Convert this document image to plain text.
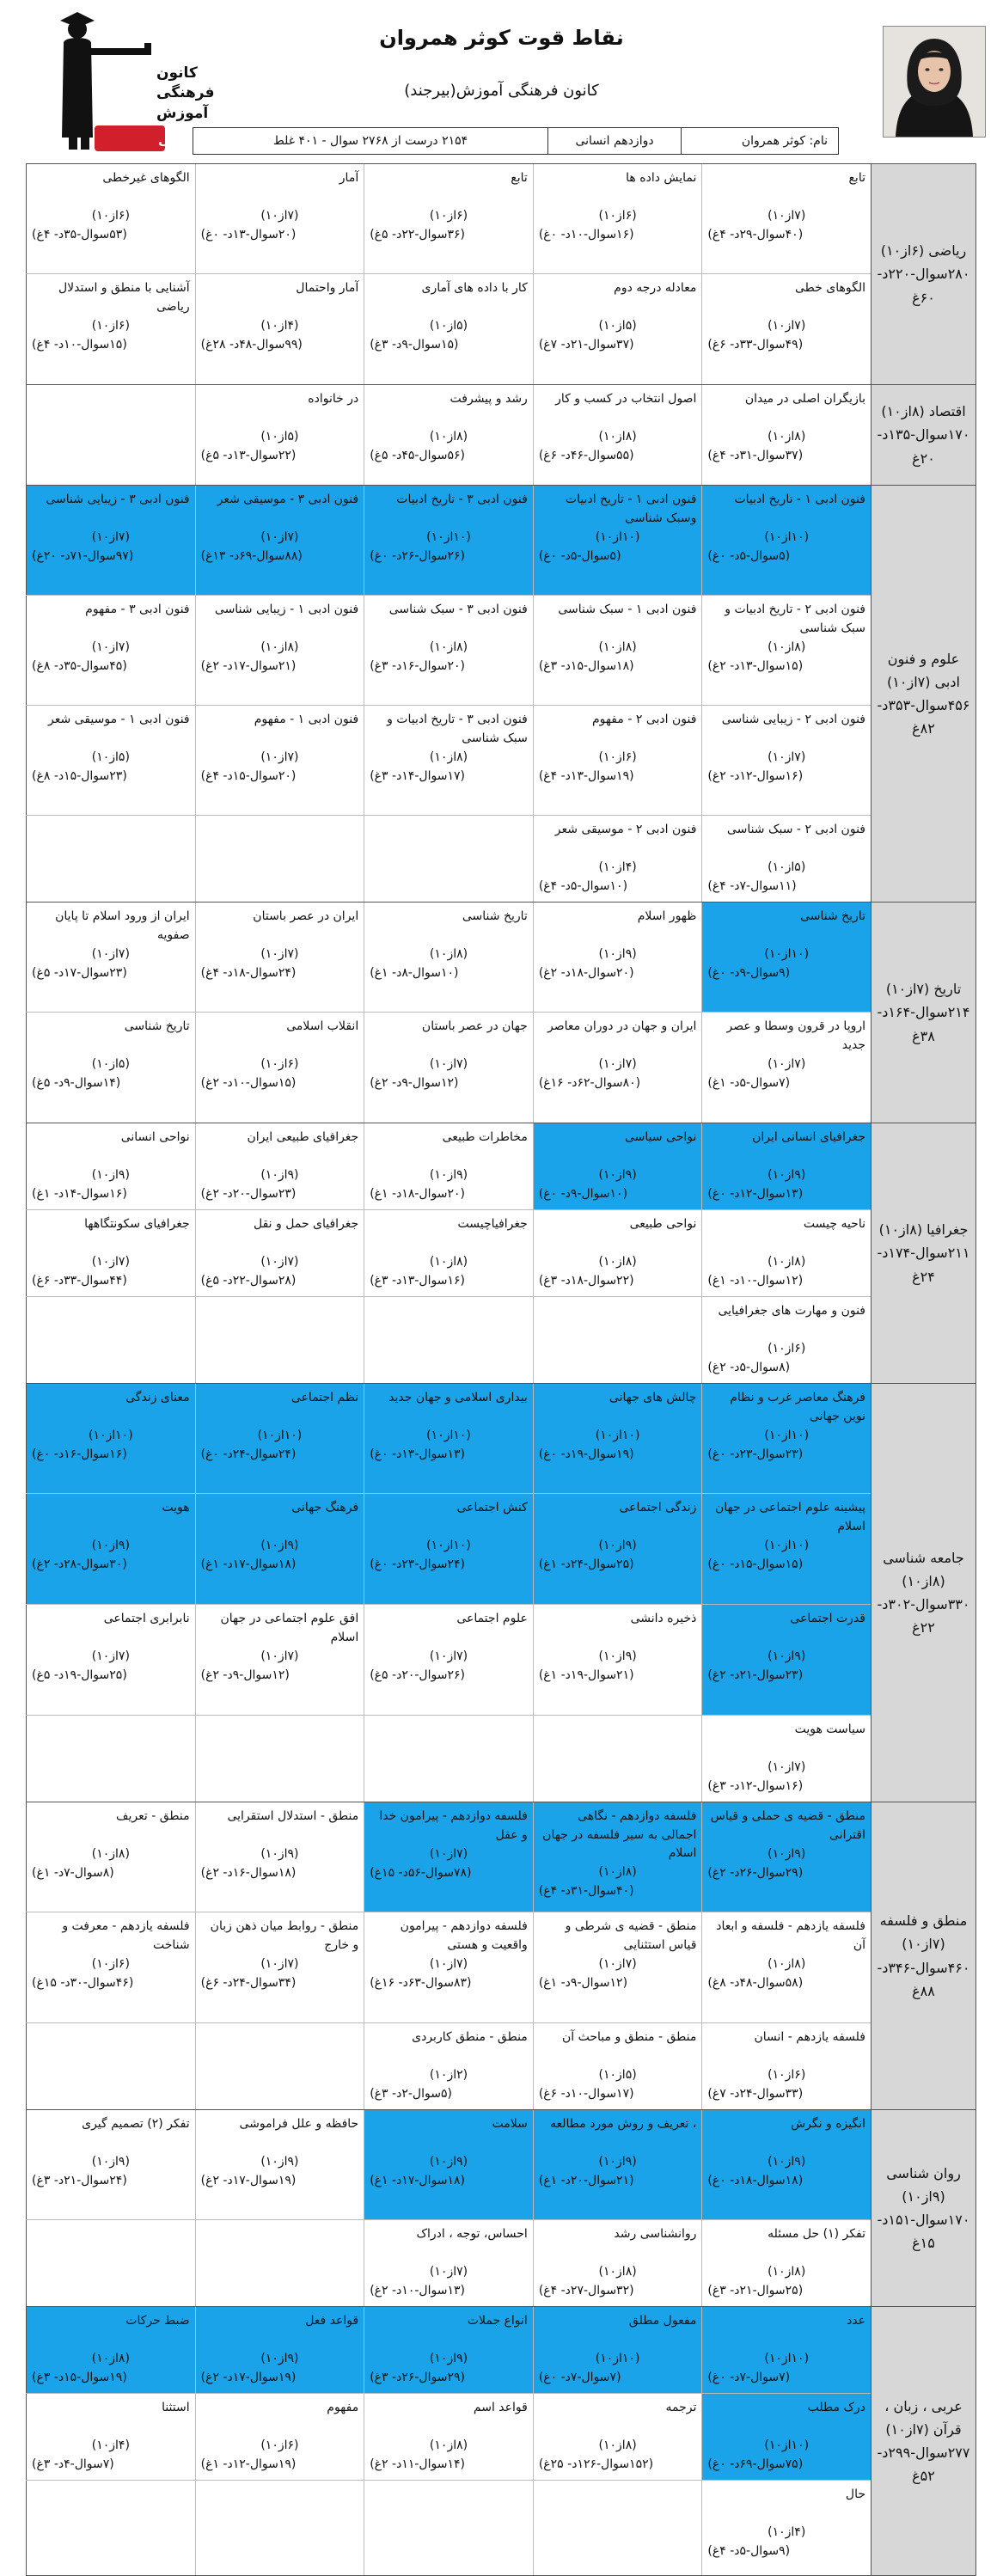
کانون
فرهنگی
آموزش
قلم‌چی
نقاط قوت کوثر همروان
کانون فرهنگی آموزش(بیرجند)
نام: کوثر همروان
دوازدهم انسانی
۲۱۵۴ درست از ۲۷۶۸ سوال - ۴۰۱ غلط
ریاضی (۶از۱۰) ۲۸۰سوال-۲۲۰د- ۶۰غ
تابع
(۷از۱۰)
(۴۰سوال-۲۹د- ۴غ)
نمایش داده ها
(۶از۱۰)
(۱۶سوال-۱۰د- ۰غ)
تابع
(۶از۱۰)
(۳۶سوال-۲۲د- ۵غ)
آمار
(۷از۱۰)
(۲۰سوال-۱۳د- ۰غ)
الگوهای غیرخطی
(۶از۱۰)
(۵۳سوال-۳۵د- ۴غ)
الگوهای خطی
(۷از۱۰)
(۴۹سوال-۳۳د- ۶غ)
معادله درجه دوم
(۵از۱۰)
(۳۷سوال-۲۱د- ۷غ)
کار با داده های آماری
(۵از۱۰)
(۱۵سوال-۹د- ۳غ)
آمار واحتمال
(۴از۱۰)
(۹۹سوال-۴۸د- ۲۸غ)
آشنایی با منطق و استدلال ریاضی
(۶از۱۰)
(۱۵سوال-۱۰د- ۴غ)
اقتصاد (۸از۱۰) ۱۷۰سوال-۱۳۵د- ۲۰غ
بازیگران اصلی در میدان
(۸از۱۰)
(۳۷سوال-۳۱د- ۴غ)
اصول انتخاب در کسب و کار
(۸از۱۰)
(۵۵سوال-۴۶د- ۶غ)
رشد و پیشرفت
(۸از۱۰)
(۵۶سوال-۴۵د- ۵غ)
در خانواده
(۵از۱۰)
(۲۲سوال-۱۳د- ۵غ)
علوم و فنون ادبی (۷از۱۰) ۴۵۶سوال-۳۵۳د- ۸۲غ
فنون ادبی ۱ - تاریخ ادبیات
(۱۰از۱۰)
(۵سوال-۵د- ۰غ)
فنون ادبی ۱ - تاریخ ادبیات وسبک شناسی
(۱۰از۱۰)
(۵سوال-۵د- ۰غ)
فنون ادبی ۳ - تاریخ ادبیات
(۱۰از۱۰)
(۲۶سوال-۲۶د- ۰غ)
فنون ادبی ۳ - موسیقی شعر
(۷از۱۰)
(۸۸سوال-۶۹د- ۱۳غ)
فنون ادبی ۳ - زیبایی شناسی
(۷از۱۰)
(۹۷سوال-۷۱د- ۲۰غ)
فنون ادبی ۲ - تاریخ ادبیات و سبک شناسی
(۸از۱۰)
(۱۵سوال-۱۳د- ۲غ)
فنون ادبی ۱ - سبک شناسی
(۸از۱۰)
(۱۸سوال-۱۵د- ۳غ)
فنون ادبی ۳ - سبک شناسی
(۸از۱۰)
(۲۰سوال-۱۶د- ۳غ)
فنون ادبی ۱ - زیبایی شناسی
(۸از۱۰)
(۲۱سوال-۱۷د- ۲غ)
فنون ادبی ۳ - مفهوم
(۷از۱۰)
(۴۵سوال-۳۵د- ۸غ)
فنون ادبی ۲ - زیبایی شناسی
(۷از۱۰)
(۱۶سوال-۱۲د- ۲غ)
فنون ادبی ۲ - مفهوم
(۶از۱۰)
(۱۹سوال-۱۳د- ۴غ)
فنون ادبی ۳ - تاریخ ادبیات و سبک شناسی
(۸از۱۰)
(۱۷سوال-۱۴د- ۳غ)
فنون ادبی ۱ - مفهوم
(۷از۱۰)
(۲۰سوال-۱۵د- ۴غ)
فنون ادبی ۱ - موسیقی شعر
(۵از۱۰)
(۲۳سوال-۱۵د- ۸غ)
فنون ادبی ۲ - سبک شناسی
(۵از۱۰)
(۱۱سوال-۷د- ۴غ)
فنون ادبی ۲ - موسیقی شعر
(۴از۱۰)
(۱۰سوال-۵د- ۴غ)
تاریخ (۷از۱۰) ۲۱۴سوال-۱۶۴د- ۳۸غ
تاریخ شناسی
(۱۰از۱۰)
(۹سوال-۹د- ۰غ)
ظهور اسلام
(۹از۱۰)
(۲۰سوال-۱۸د- ۲غ)
تاریخ شناسی
(۸از۱۰)
(۱۰سوال-۸د- ۱غ)
ایران در عصر باستان
(۷از۱۰)
(۲۴سوال-۱۸د- ۴غ)
ایران از ورود اسلام تا پایان صفویه
(۷از۱۰)
(۲۳سوال-۱۷د- ۵غ)
اروپا در قرون وسطا و عصر جدید
(۷از۱۰)
(۷سوال-۵د- ۱غ)
ایران و جهان در دوران معاصر
(۷از۱۰)
(۸۰سوال-۶۲د- ۱۶غ)
جهان در عصر باستان
(۷از۱۰)
(۱۲سوال-۹د- ۲غ)
انقلاب اسلامی
(۶از۱۰)
(۱۵سوال-۱۰د- ۲غ)
تاریخ شناسی
(۵از۱۰)
(۱۴سوال-۹د- ۵غ)
جغرافیا (۸از۱۰) ۲۱۱سوال-۱۷۴د- ۲۴غ
جغرافیای انسانی ایران
(۹از۱۰)
(۱۳سوال-۱۲د- ۰غ)
نواحی سیاسی
(۹از۱۰)
(۱۰سوال-۹د- ۰غ)
مخاطرات طبیعی
(۹از۱۰)
(۲۰سوال-۱۸د- ۱غ)
جغرافیای طبیعی ایران
(۹از۱۰)
(۲۳سوال-۲۰د- ۲غ)
نواحی انسانی
(۹از۱۰)
(۱۶سوال-۱۴د- ۱غ)
ناحیه چیست
(۸از۱۰)
(۱۲سوال-۱۰د- ۱غ)
نواحی طبیعی
(۸از۱۰)
(۲۲سوال-۱۸د- ۳غ)
جغرافیاچیست
(۸از۱۰)
(۱۶سوال-۱۳د- ۳غ)
جغرافیای حمل و نقل
(۷از۱۰)
(۲۸سوال-۲۲د- ۵غ)
جغرافیای سکونتگاهها
(۷از۱۰)
(۴۴سوال-۳۳د- ۶غ)
فنون و مهارت های جغرافیایی
(۶از۱۰)
(۸سوال-۵د- ۲غ)
جامعه شناسی (۸از۱۰) ۳۳۰سوال-۳۰۲د- ۲۲غ
فرهنگ معاصر غرب و نظام نوین جهانی
(۱۰از۱۰)
(۲۳سوال-۲۳د- ۰غ)
چالش های جهانی
(۱۰از۱۰)
(۱۹سوال-۱۹د- ۰غ)
بیداری اسلامی و جهان جدید
(۱۰از۱۰)
(۱۳سوال-۱۳د- ۰غ)
نظم اجتماعی
(۱۰از۱۰)
(۲۴سوال-۲۴د- ۰غ)
معنای زندگی
(۱۰از۱۰)
(۱۶سوال-۱۶د- ۰غ)
پیشینه علوم اجتماعی در جهان اسلام
(۱۰از۱۰)
(۱۵سوال-۱۵د- ۰غ)
زندگی اجتماعی
(۹از۱۰)
(۲۵سوال-۲۴د- ۱غ)
کنش اجتماعی
(۱۰از۱۰)
(۲۴سوال-۲۳د- ۰غ)
فرهنگ جهانی
(۹از۱۰)
(۱۸سوال-۱۷د- ۱غ)
هویت
(۹از۱۰)
(۳۰سوال-۲۸د- ۲غ)
قدرت اجتماعی
(۹از۱۰)
(۲۳سوال-۲۱د- ۲غ)
ذخیره دانشی
(۹از۱۰)
(۲۱سوال-۱۹د- ۱غ)
علوم اجتماعی
(۷از۱۰)
(۲۶سوال-۲۰د- ۵غ)
افق علوم اجتماعی در جهان اسلام
(۷از۱۰)
(۱۲سوال-۹د- ۲غ)
نابرابری اجتماعی
(۷از۱۰)
(۲۵سوال-۱۹د- ۵غ)
سیاست هویت
(۷از۱۰)
(۱۶سوال-۱۲د- ۳غ)
منطق و فلسفه (۷از۱۰) ۴۶۰سوال-۳۴۶د- ۸۸غ
منطق - قضیه ی حملی و قیاس اقترانی
(۹از۱۰)
(۲۹سوال-۲۶د- ۲غ)
فلسفه دوازدهم - نگاهی اجمالی به سیر فلسفه در جهان اسلام
(۸از۱۰)
(۴۰سوال-۳۱د- ۴غ)
فلسفه دوازدهم - پیرامون خدا و عقل
(۷از۱۰)
(۷۸سوال-۵۶د- ۱۵غ)
منطق - استدلال استقرایی
(۹از۱۰)
(۱۸سوال-۱۶د- ۲غ)
منطق - تعریف
(۸از۱۰)
(۸سوال-۷د- ۱غ)
فلسفه یازدهم - فلسفه و ابعاد آن
(۸از۱۰)
(۵۸سوال-۴۸د- ۸غ)
منطق - قضیه ی شرطی و قیاس استثنایی
(۷از۱۰)
(۱۲سوال-۹د- ۱غ)
فلسفه دوازدهم - پیرامون واقعیت و هستی
(۷از۱۰)
(۸۳سوال-۶۳د- ۱۶غ)
منطق - روابط میان ذهن زبان و خارج
(۷از۱۰)
(۳۴سوال-۲۴د- ۶غ)
فلسفه یازدهم - معرفت و شناخت
(۶از۱۰)
(۴۶سوال-۳۰د- ۱۵غ)
فلسفه یازدهم - انسان
(۶از۱۰)
(۳۳سوال-۲۴د- ۷غ)
منطق - منطق و مباحث آن
(۵از۱۰)
(۱۷سوال-۱۰د- ۶غ)
منطق - منطق کاربردی
(۲از۱۰)
(۵سوال-۲د- ۳غ)
روان شناسی (۹از۱۰) ۱۷۰سوال-۱۵۱د- ۱۵غ
انگیزه و نگرش
(۹از۱۰)
(۱۸سوال-۱۸د- ۰غ)
، تعریف و روش مورد مطالعه
(۹از۱۰)
(۲۱سوال-۲۰د- ۱غ)
سلامت
(۹از۱۰)
(۱۸سوال-۱۷د- ۱غ)
حافظه و علل فراموشی
(۹از۱۰)
(۱۹سوال-۱۷د- ۲غ)
تفکر (۲) تصمیم گیری
(۹از۱۰)
(۲۴سوال-۲۱د- ۳غ)
تفکر (۱) حل مسئله
(۸از۱۰)
(۲۵سوال-۲۱د- ۳غ)
روانشناسی رشد
(۸از۱۰)
(۳۲سوال-۲۷د- ۴غ)
احساس، توجه ، ادراک
(۷از۱۰)
(۱۳سوال-۱۰د- ۲غ)
عربی ، زبان ، قرآن (۷از۱۰) ۲۷۷سوال-۲۹۹د- ۵۲غ
عدد
(۱۰از۱۰)
(۷سوال-۷د- ۰غ)
مفعول مطلق
(۱۰از۱۰)
(۷سوال-۷د- ۰غ)
انواع جملات
(۹از۱۰)
(۲۹سوال-۲۶د- ۳غ)
قواعد فعل
(۹از۱۰)
(۱۹سوال-۱۷د- ۲غ)
ضبط حرکات
(۸از۱۰)
(۱۹سوال-۱۵د- ۳غ)
درک مطلب
(۱۰از۱۰)
(۷۵سوال-۶۹د- ۰غ)
ترجمه
(۸از۱۰)
(۱۵۲سوال-۱۲۶د- ۲۵غ)
قواعد اسم
(۸از۱۰)
(۱۴سوال-۱۱د- ۲غ)
مفهوم
(۶از۱۰)
(۱۹سوال-۱۲د- ۱غ)
استثنا
(۴از۱۰)
(۷سوال-۴د- ۳غ)
حال
(۴از۱۰)
(۹سوال-۵د- ۴غ)
